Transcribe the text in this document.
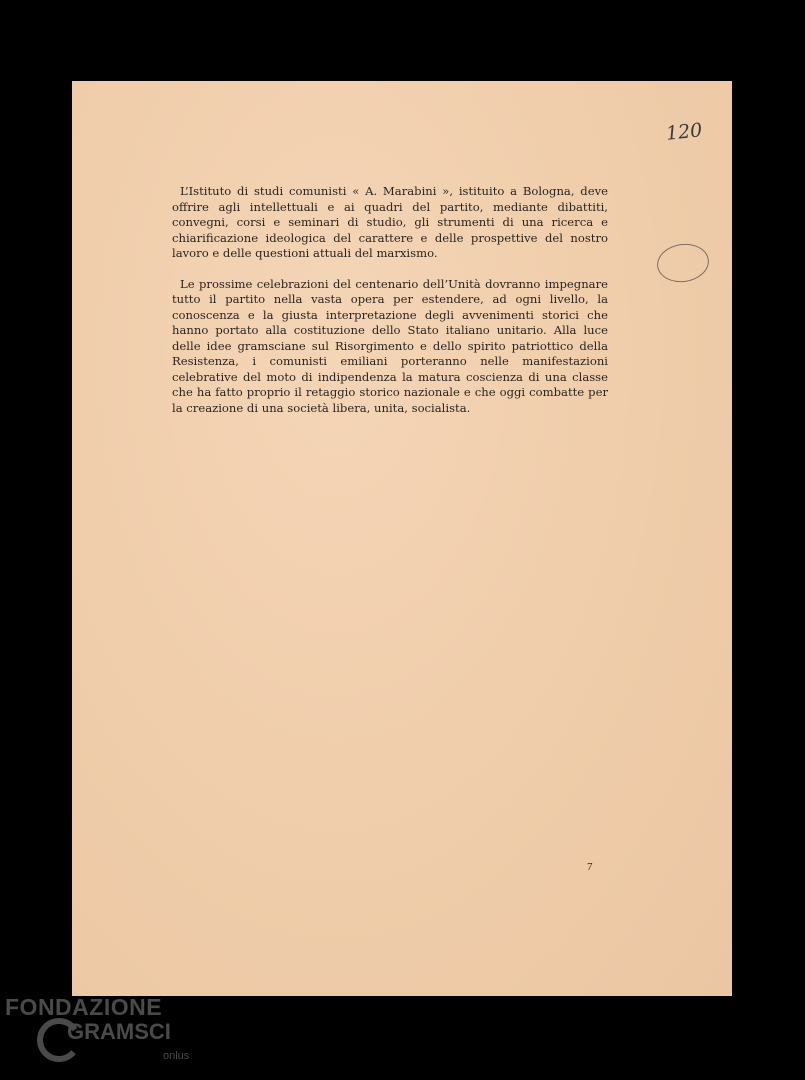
120

L’Istituto di studi comunisti « A. Marabini », istituito a Bologna, deve offrire agli intellettuali e ai quadri del partito, mediante dibattiti, convegni, corsi e seminari di studio, gli strumenti di una ricerca e chiarificazione ideologica del carattere e delle prospettive del nostro lavoro e delle questioni attuali del marxismo.

Le prossime celebrazioni del centenario dell’Unità dovranno impegnare tutto il partito nella vasta opera per estendere, ad ogni livello, la conoscenza e la giusta interpretazione degli avvenimenti storici che hanno portato alla costituzione dello Stato italiano unitario. Alla luce delle idee gramsciane sul Risorgimento e dello spirito patriottico della Resistenza, i comunisti emiliani porteranno nelle manifestazioni celebrative del moto di indipendenza la matura coscienza di una classe che ha fatto proprio il retaggio storico nazionale e che oggi combatte per la creazione di una società libera, unita, socialista.

7
FONDAZIONE
GRAMSCI
onlus
